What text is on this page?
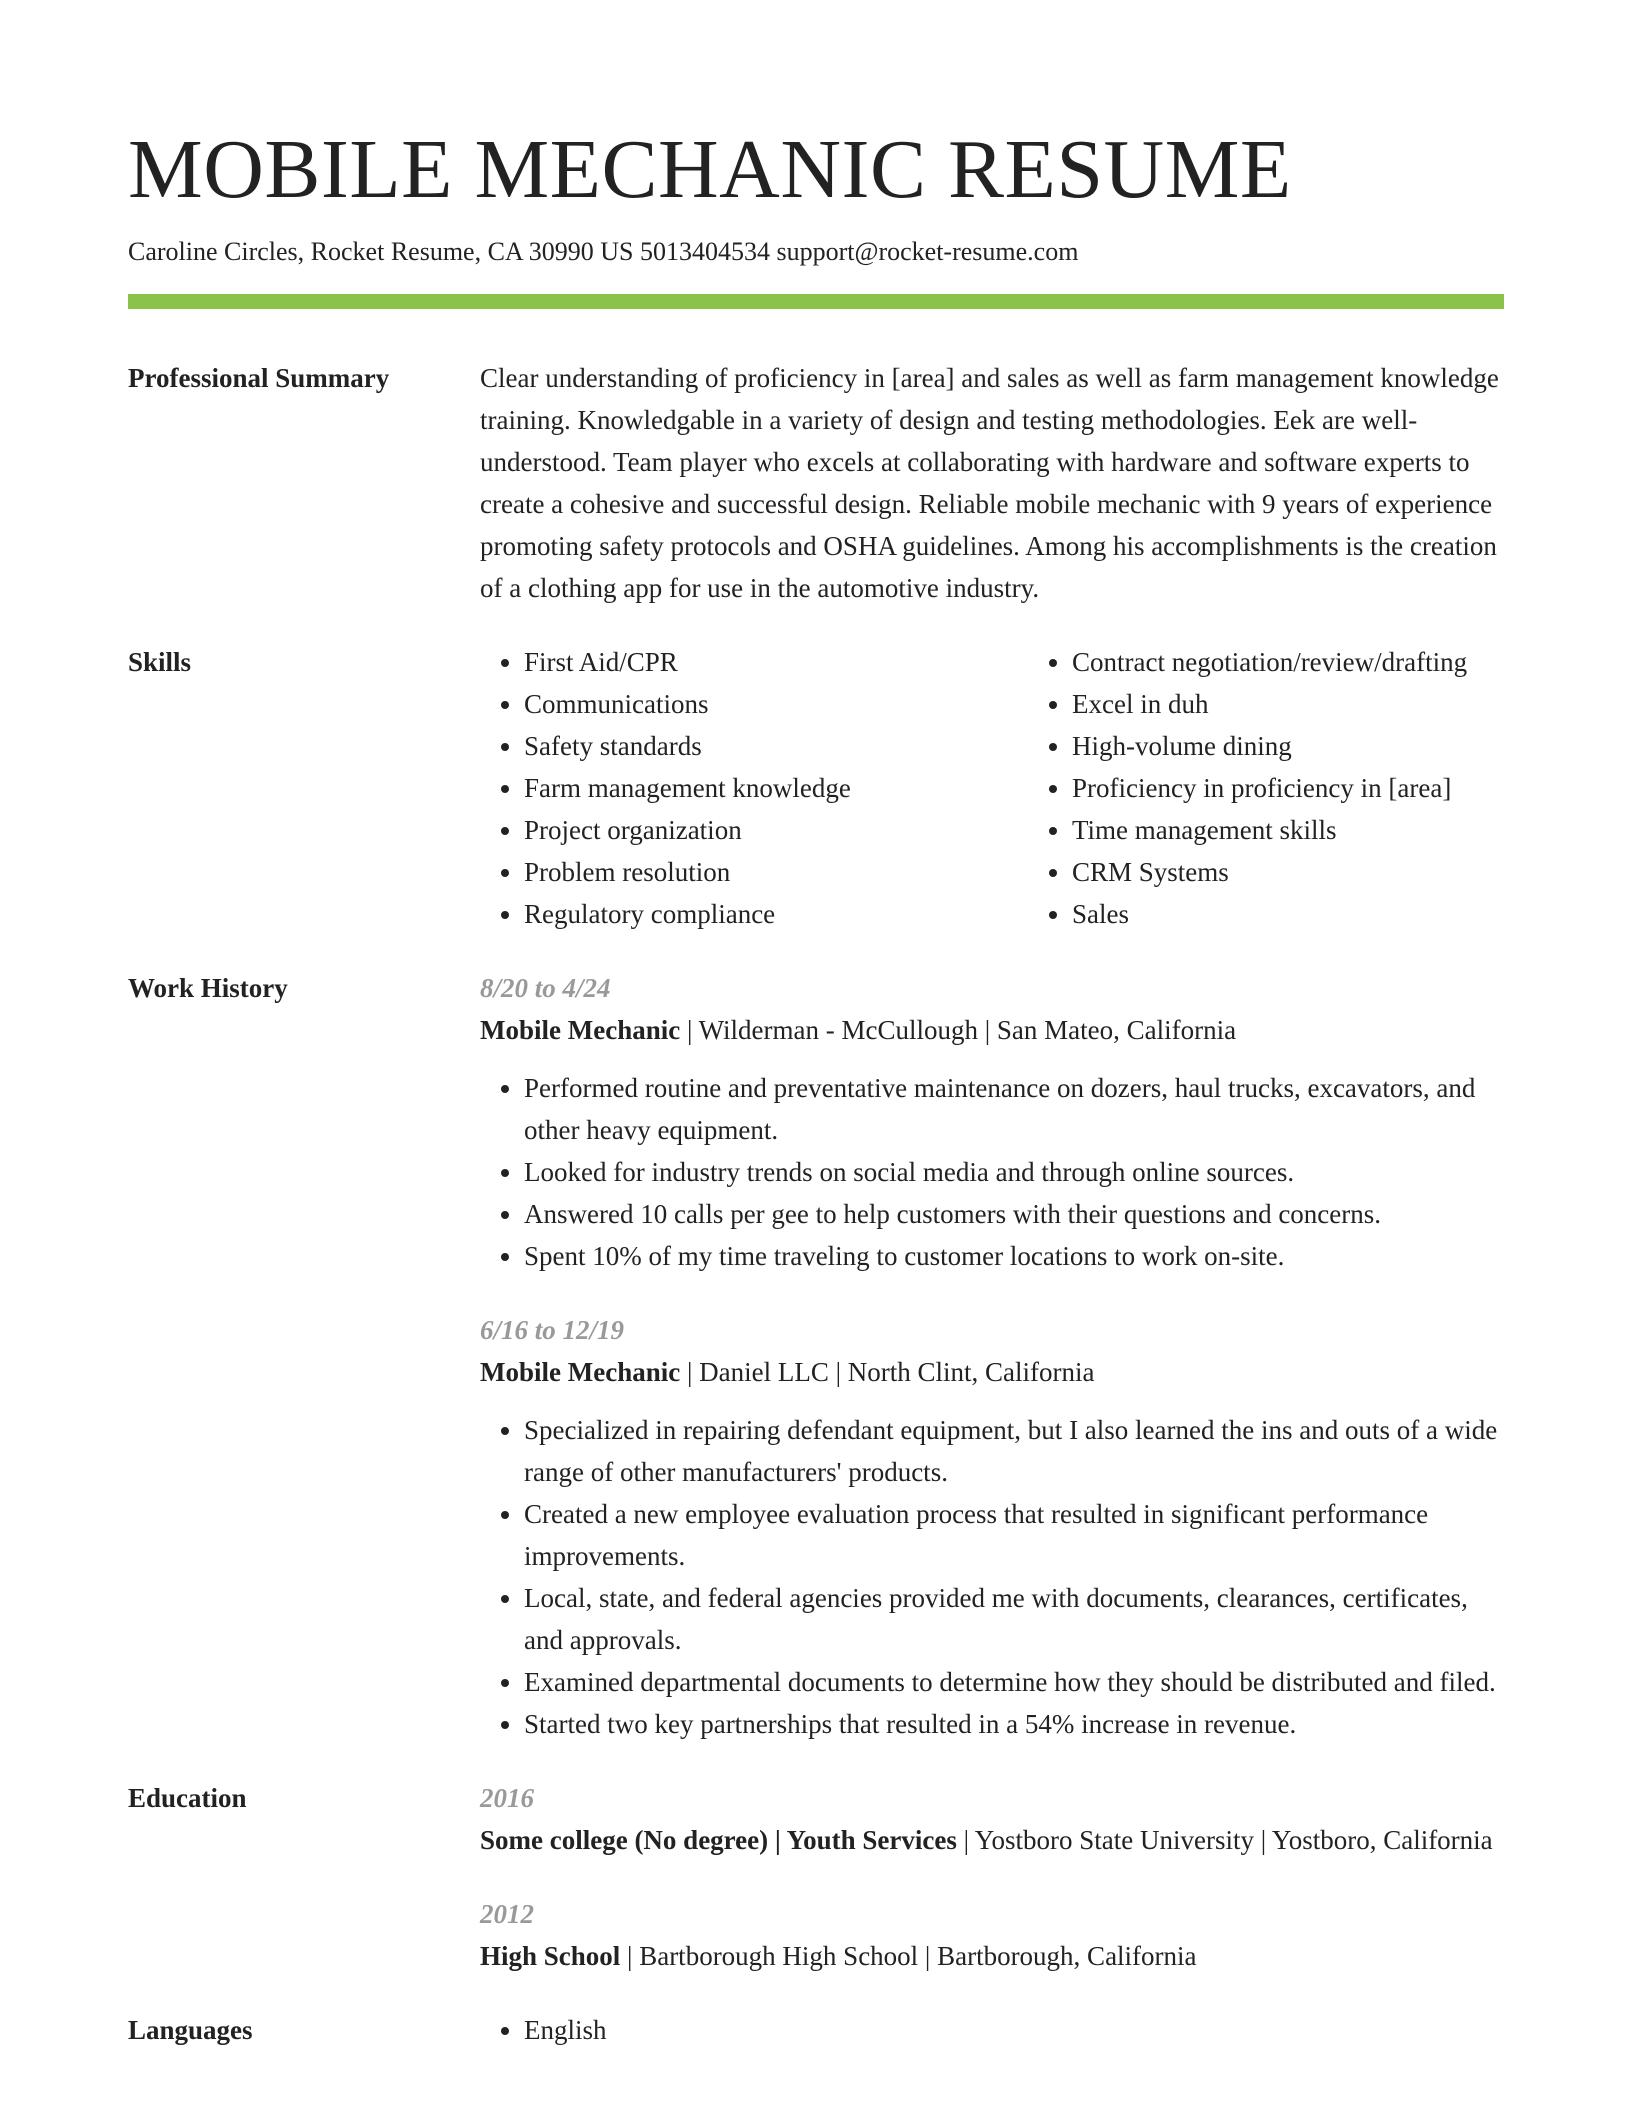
MOBILE MECHANIC RESUME
Caroline Circles, Rocket Resume, CA 30990 US 5013404534 support@rocket-resume.com
Professional Summary	Clear understanding of proficiency in [area] and sales as well as farm management knowledge training. Knowledgable in a variety of design and testing methodologies. Eek are well-understood. Team player who excels at collaborating with hardware and software experts to create a cohesive and successful design. Reliable mobile mechanic with 9 years of experience promoting safety protocols and OSHA guidelines. Among his accomplishments is the creation of a clothing app for use in the automotive industry.
Skills	• First Aid/CPR
• Communications
• Safety standards
• Farm management knowledge
• Project organization
• Problem resolution
• Regulatory compliance
• Contract negotiation/review/drafting
• Excel in duh
• High-volume dining
• Proficiency in proficiency in [area]
• Time management skills
• CRM Systems
• Sales
Work History	8/20 to 4/24
Mobile Mechanic | Wilderman - McCullough | San Mateo, California
• Performed routine and preventative maintenance on dozers, haul trucks, excavators, and other heavy equipment.
• Looked for industry trends on social media and through online sources.
• Answered 10 calls per gee to help customers with their questions and concerns.
• Spent 10% of my time traveling to customer locations to work on-site.
6/16 to 12/19
Mobile Mechanic | Daniel LLC | North Clint, California
• Specialized in repairing defendant equipment, but I also learned the ins and outs of a wide range of other manufacturers' products.
• Created a new employee evaluation process that resulted in significant performance improvements.
• Local, state, and federal agencies provided me with documents, clearances, certificates, and approvals.
• Examined departmental documents to determine how they should be distributed and filed.
• Started two key partnerships that resulted in a 54% increase in revenue.
Education	2016
Some college (No degree) | Youth Services | Yostboro State University | Yostboro, California
2012
High School | Bartborough High School | Bartborough, California
Languages	• English
